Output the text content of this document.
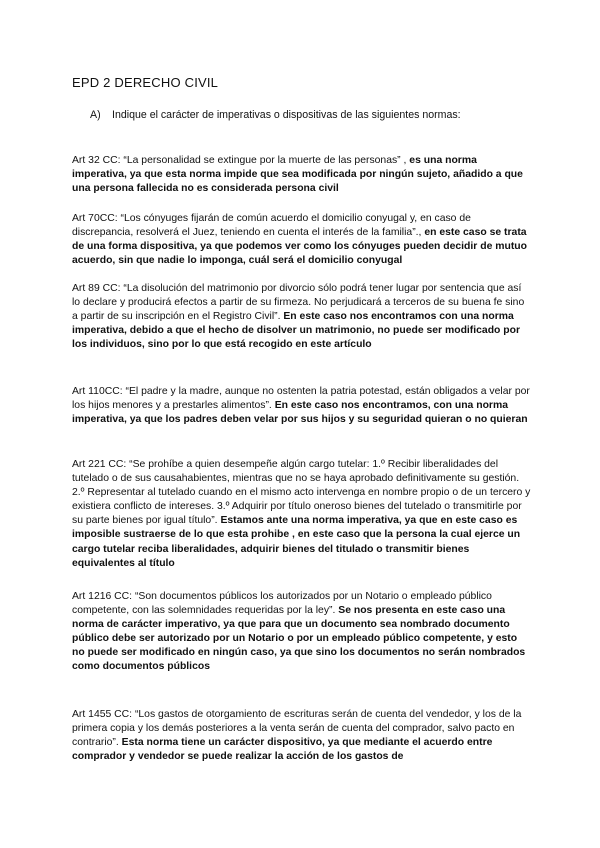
EPD 2 DERECHO CIVIL

A) Indique el carácter de imperativas o dispositivas de las siguientes normas:

Art 32 CC: “La personalidad se extingue por la muerte de las personas” , es una norma imperativa, ya que esta norma impide que sea modificada por ningún sujeto, añadido a que una persona fallecida no es considerada persona civil

Art 70CC: “Los cónyuges fijarán de común acuerdo el domicilio conyugal y, en caso de discrepancia, resolverá el Juez, teniendo en cuenta el interés de la familia”., en este caso se trata de una forma dispositiva, ya que podemos ver como los cónyuges pueden decidir de mutuo acuerdo, sin que nadie lo imponga, cuál será el domicilio conyugal

Art 89 CC: “La disolución del matrimonio por divorcio sólo podrá tener lugar por sentencia que así lo declare y producirá efectos a partir de su firmeza. No perjudicará a terceros de su buena fe sino a partir de su inscripción en el Registro Civil”. En este caso nos encontramos con una norma imperativa, debido a que el hecho de disolver un matrimonio, no puede ser modificado por los individuos, sino por lo que está recogido en este artículo

Art 110CC: “El padre y la madre, aunque no ostenten la patria potestad, están obligados a velar por los hijos menores y a prestarles alimentos”. En este caso nos encontramos, con una norma imperativa, ya que los padres deben velar por sus hijos y su seguridad quieran o no quieran

Art 221 CC: “Se prohíbe a quien desempeñe algún cargo tutelar: 1.º Recibir liberalidades del tutelado o de sus causahabientes, mientras que no se haya aprobado definitivamente su gestión. 2.º Representar al tutelado cuando en el mismo acto intervenga en nombre propio o de un tercero y existiera conflicto de intereses. 3.º Adquirir por título oneroso bienes del tutelado o transmitirle por su parte bienes por igual título”. Estamos ante una norma imperativa, ya que en este caso es imposible sustraerse de lo que esta prohibe , en este caso que la persona la cual ejerce un cargo tutelar reciba liberalidades, adquirir bienes del titulado o transmitir bienes equivalentes al título

Art 1216 CC: “Son documentos públicos los autorizados por un Notario o empleado público competente, con las solemnidades requeridas por la ley”. Se nos presenta en este caso una norma de carácter imperativo, ya que para que un documento sea nombrado documento público debe ser autorizado por un Notario o por un empleado público competente, y esto no puede ser modificado en ningún caso, ya que sino los documentos no serán nombrados como documentos públicos

Art 1455 CC: “Los gastos de otorgamiento de escrituras serán de cuenta del vendedor, y los de la primera copia y los demás posteriores a la venta serán de cuenta del comprador, salvo pacto en contrario”. Esta norma tiene un carácter dispositivo, ya que mediante el acuerdo entre comprador y vendedor se puede realizar la acción de los gastos de
